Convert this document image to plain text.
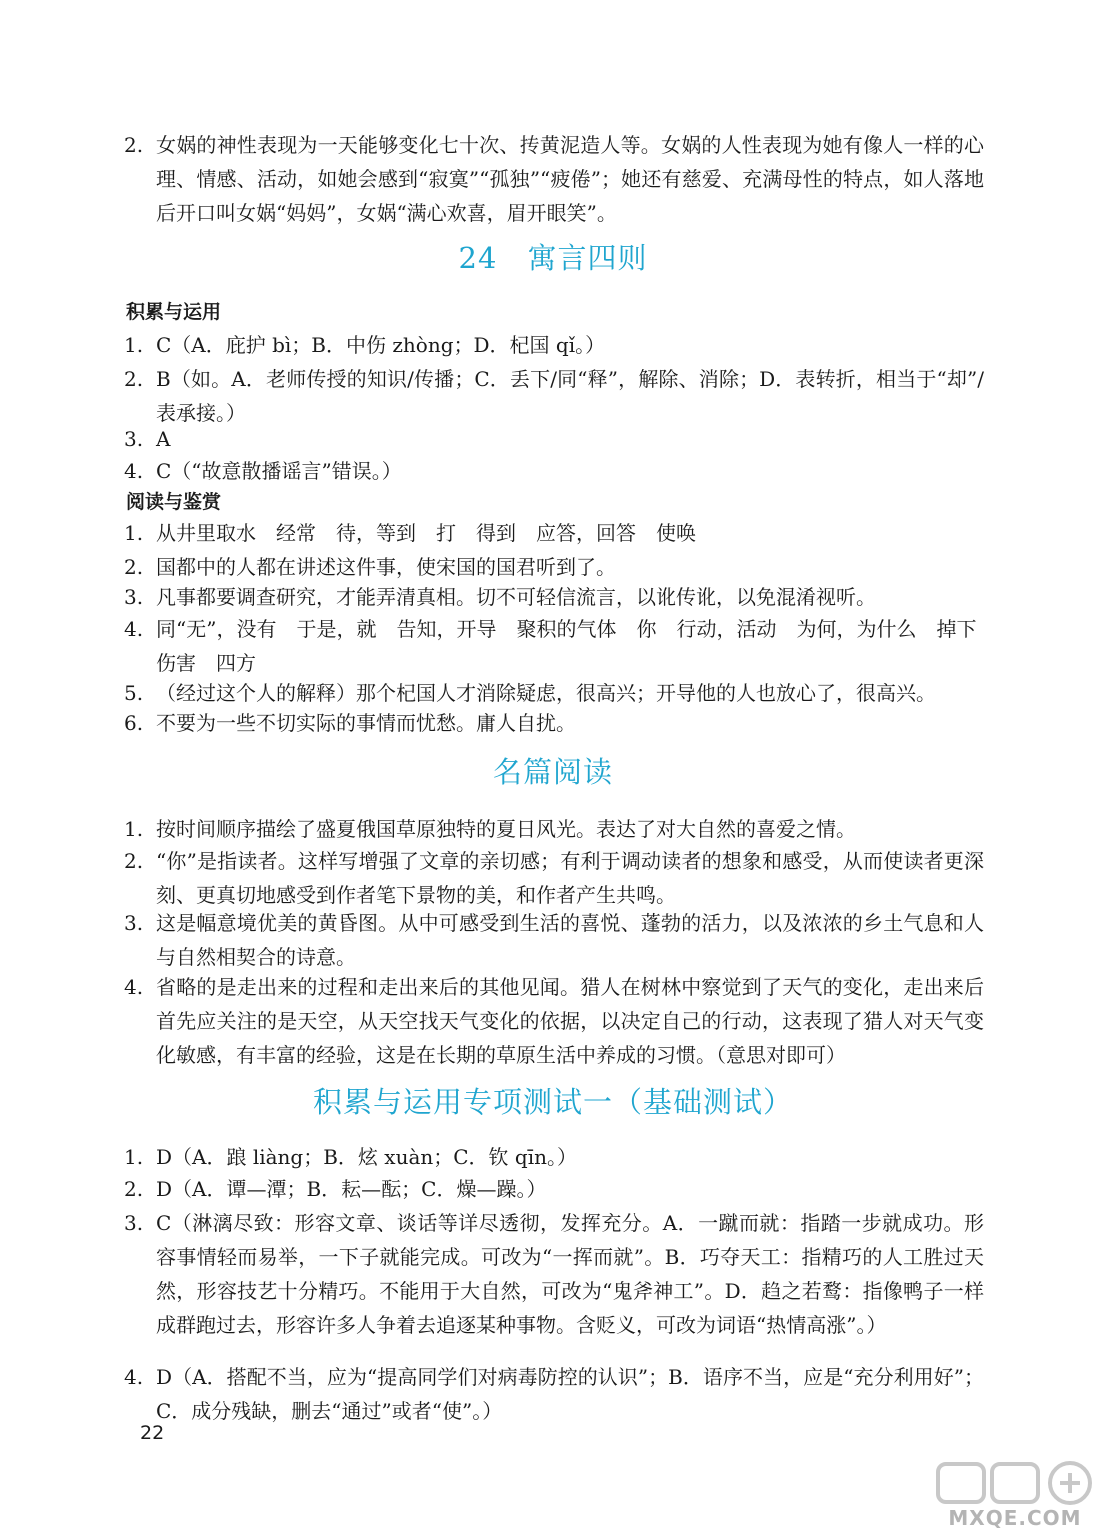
2. 女娲的神性表现为一天能够变化七十次、抟黄泥造人等。女娲的人性表现为她有像人一样的心理、情感、活动，如她会感到“寂寞”“孤独”“疲倦”；她还有慈爱、充满母性的特点，如人落地后开口叫女娲“妈妈”，女娲“满心欢喜，眉开眼笑”。
24　寓言四则
积累与运用
1. C（A．庇护 bì；B．中伤 zhòng；D．杞国 qǐ。）
2. B（如。A．老师传授的知识/传播；C．丢下/同“释”，解除、消除；D．表转折，相当于“却”/表承接。）
3. A
4. C（“故意散播谣言”错误。）
阅读与鉴赏
1. 从井里取水　经常　待，等到　打　得到　应答，回答　使唤
2. 国都中的人都在讲述这件事，使宋国的国君听到了。
3. 凡事都要调查研究，才能弄清真相。切不可轻信流言，以讹传讹，以免混淆视听。
4. 同“无”，没有　于是，就　告知，开导　聚积的气体　你　行动，活动　为何，为什么　掉下　伤害　四方
5. （经过这个人的解释）那个杞国人才消除疑虑，很高兴；开导他的人也放心了，很高兴。
6. 不要为一些不切实际的事情而忧愁。庸人自扰。
名篇阅读
1. 按时间顺序描绘了盛夏俄国草原独特的夏日风光。表达了对大自然的喜爱之情。
2. “你”是指读者。这样写增强了文章的亲切感；有利于调动读者的想象和感受，从而使读者更深刻、更真切地感受到作者笔下景物的美，和作者产生共鸣。
3. 这是幅意境优美的黄昏图。从中可感受到生活的喜悦、蓬勃的活力，以及浓浓的乡土气息和人与自然相契合的诗意。
4. 省略的是走出来的过程和走出来后的其他见闻。猎人在树林中察觉到了天气的变化，走出来后首先应关注的是天空，从天空找天气变化的依据，以决定自己的行动，这表现了猎人对天气变化敏感，有丰富的经验，这是在长期的草原生活中养成的习惯。（意思对即可）
积累与运用专项测试一（基础测试）
1. D（A．踉 liàng；B．炫 xuàn；C．钦 qīn。）
2. D（A．谭—潭；B．耘—酝；C．燥—躁。）
3. C（淋漓尽致：形容文章、谈话等详尽透彻，发挥充分。A．一蹴而就：指踏一步就成功。形容事情轻而易举，一下子就能完成。可改为“一挥而就”。B．巧夺天工：指精巧的人工胜过天然，形容技艺十分精巧。不能用于大自然，可改为“鬼斧神工”。D．趋之若鹜：指像鸭子一样成群跑过去，形容许多人争着去追逐某种事物。含贬义，可改为词语“热情高涨”。）
4. D（A．搭配不当，应为“提高同学们对病毒防控的认识”；B．语序不当，应是“充分利用好”；C．成分残缺，删去“通过”或者“使”。）
22
MXQE.COM
